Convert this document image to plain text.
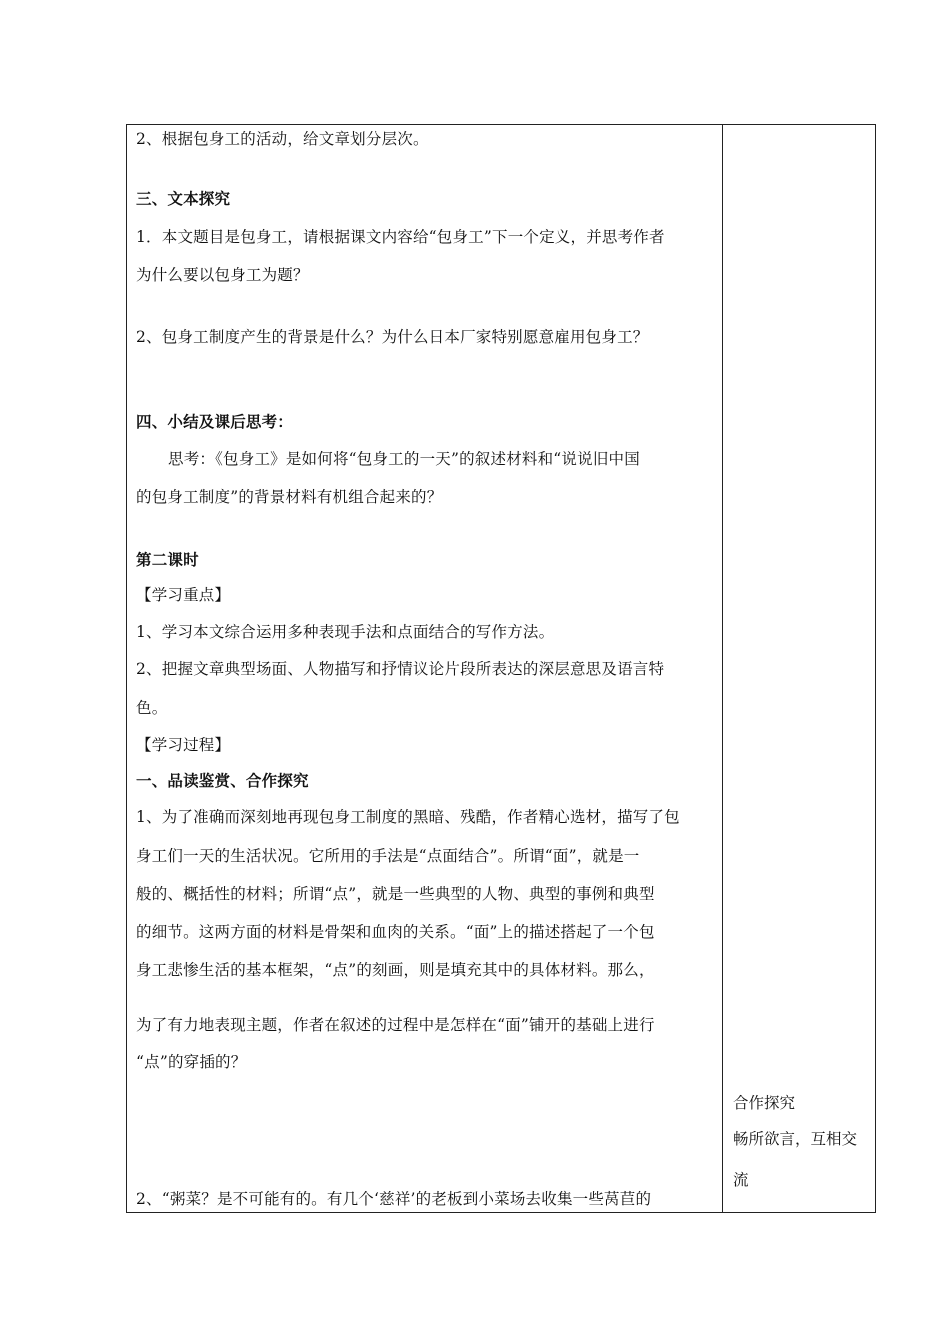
2、根据包身工的活动，给文章划分层次。
三、文本探究
1．本文题目是包身工，请根据课文内容给“包身工”下一个定义，并思考作者
为什么要以包身工为题？
2、包身工制度产生的背景是什么？为什么日本厂家特别愿意雇用包身工？
四、小结及课后思考：
思考：《包身工》是如何将“包身工的一天”的叙述材料和“说说旧中国
的包身工制度”的背景材料有机组合起来的？
第二课时
【学习重点】
1、学习本文综合运用多种表现手法和点面结合的写作方法。
2、把握文章典型场面、人物描写和抒情议论片段所表达的深层意思及语言特
色。
【学习过程】
一、品读鉴赏、合作探究
1、为了准确而深刻地再现包身工制度的黑暗、残酷，作者精心选材，描写了包
身工们一天的生活状况。它所用的手法是“点面结合”。所谓“面”，就是一
般的、概括性的材料；所谓“点”，就是一些典型的人物、典型的事例和典型
的细节。这两方面的材料是骨架和血肉的关系。“面”上的描述搭起了一个包
身工悲惨生活的基本框架，“点”的刻画，则是填充其中的具体材料。那么，
为了有力地表现主题，作者在叙述的过程中是怎样在“面”铺开的基础上进行
“点”的穿插的？
2、“粥菜？是不可能有的。有几个‘慈祥’的老板到小菜场去收集一些莴苣的
合作探究
畅所欲言，互相交
流
